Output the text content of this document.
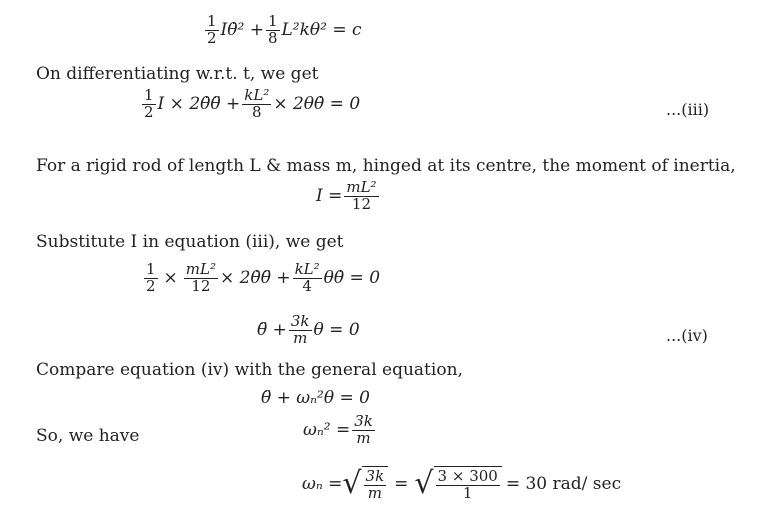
$\frac{1}{2}$ Iθ̇² + $\frac{1}{8} L^2k\theta^2 = c$
On differentiating w.r.t. t, we get
$\frac{1}{2}$ I × 2θ̇θ̈ + $\frac{\text{kL²}}{8}$ × 2θθ̇ = 0	...(iii)
For a rigid rod of length L & mass m, hinged at its centre, the moment of inertia,
$I = \frac{\text{mL²}}{12}$
Substitute I in equation (iii), we get
$\frac{1}{2} \times \frac{\text{mL²}}{12}$ × 2θ̇θ̈ + $\frac{\text{kL²}}{4}$ θθ̇ = 0
θ̈ + $\frac{3k}{m}$ θ = 0	...(iv)
Compare equation (iv) with the general equation,
θ̈ + ωₙ²θ = 0
So, we have	$\omega_n^2 = \frac{3k}{m}$
ωₙ = √ $\frac{3k}{m}$ = √ $\frac{3 \times 300}{1} = 30$ rad/ sec
